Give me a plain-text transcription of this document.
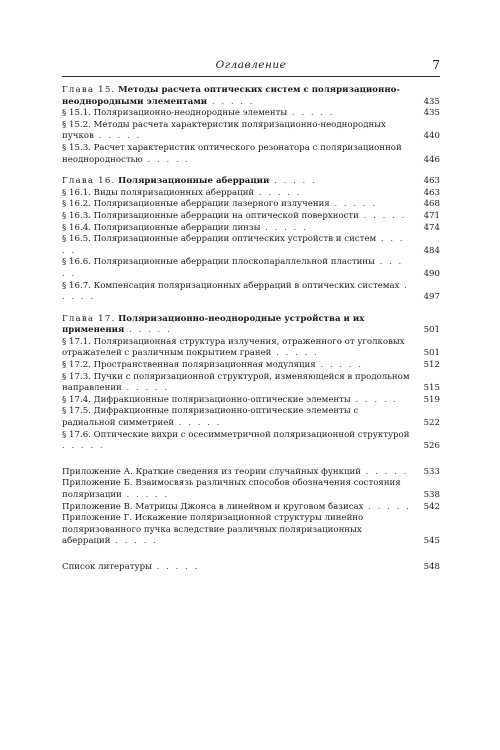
Оглавление	7
Глава 15. Методы расчета оптических систем с поляризационно-неоднородными элементами . . . . .	435
§ 15.1. Поляризационно-неоднородные элементы . . . . .	435
§ 15.2. Методы расчета характеристик поляризационно-неоднородных пучков . . . . .	440
§ 15.3. Расчет характеристик оптического резонатора с поляризационной неоднородностью . . . . .	446
Глава 16. Поляризационные аберрации . . . . .	463
§ 16.1. Виды поляризационных аберраций . . . . .	463
§ 16.2. Поляризационные аберрации лазерного излучения . . . . .	468
§ 16.3. Поляризационные аберрации на оптической поверхности . . . . .	471
§ 16.4. Поляризационные аберрации линзы . . . . .	474
§ 16.5. Поляризационные аберрации оптических устройств и систем . . . . .	484
§ 16.6. Поляризационные аберрации плоскопараллельной пластины . . . . .	490
§ 16.7. Компенсация поляризационных аберраций в оптических системах . . . . .	497
Глава 17. Поляризационно-неоднородные устройства и их применения . . . . .	501
§ 17.1. Поляризационная структура излучения, отраженного от уголковых отражателей с различным покрытием граней . . . . .	501
§ 17.2. Пространственная поляризационная модуляция . . . . .	512
§ 17.3. Пучки с поляризационной структурой, изменяющейся в продольном направлении . . . . .	515
§ 17.4. Дифракционные поляризационно-оптические элементы . . . . .	519
§ 17.5. Дифракционные поляризационно-оптические элементы с радиальной симметрией . . . . .	522
§ 17.6. Оптические вихри с осесимметричной поляризационной структурой . . . . .	526
Приложение А. Краткие сведения из теории случайных функций . . . . .	533
Приложение Б. Взаимосвязь различных способов обозначения состояния поляризации . . . . .	538
Приложение В. Матрицы Джонса в линейном и круговом базисах . . . . . 542
Приложение Г. Искажение поляризационной структуры линейно поляризованного пучка вследствие различных поляризационных аберраций . . . . .	545
Список литературы . . . . .	548
